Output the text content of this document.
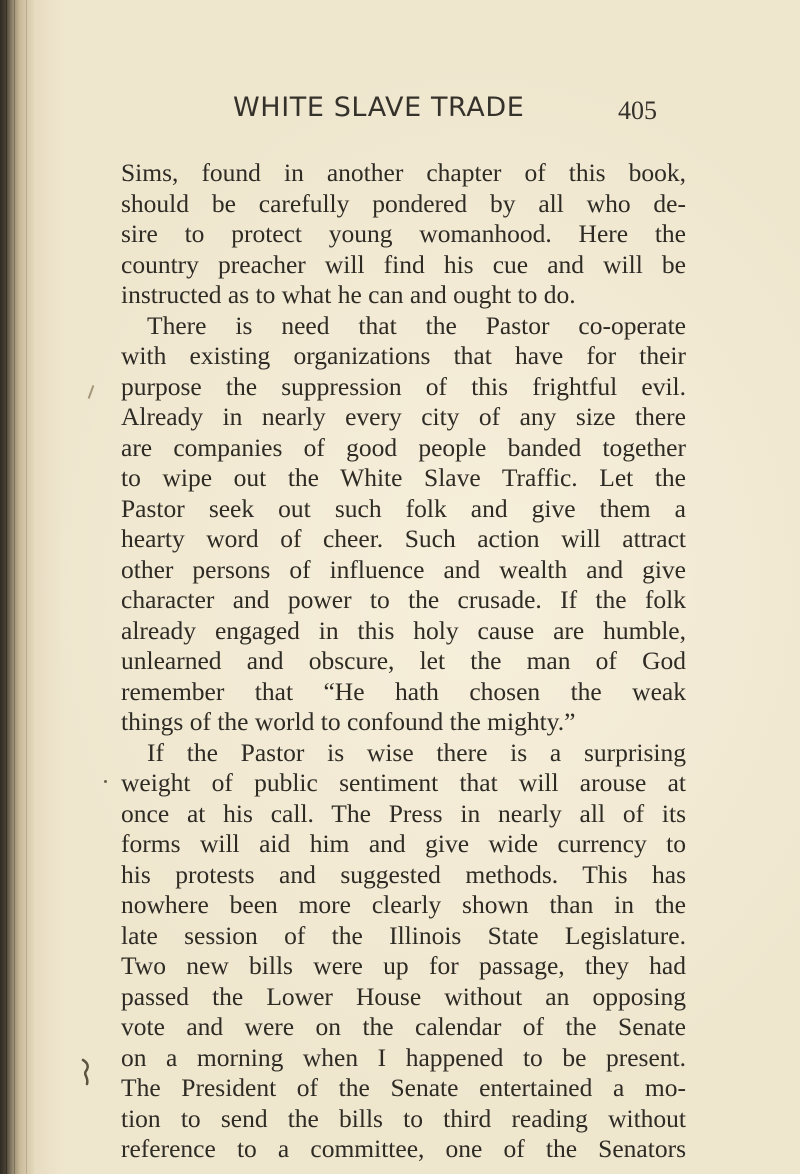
WHITE SLAVE TRADE	405
Sims, found in another chapter of this book,
should be carefully pondered by all who de-
sire to protect young womanhood. Here the
country preacher will find his cue and will be
instructed as to what he can and ought to do.
There is need that the Pastor co-operate
with existing organizations that have for their
purpose the suppression of this frightful evil.
Already in nearly every city of any size there
are companies of good people banded together
to wipe out the White Slave Traffic. Let the
Pastor seek out such folk and give them a
hearty word of cheer. Such action will attract
other persons of influence and wealth and give
character and power to the crusade. If the folk
already engaged in this holy cause are humble,
unlearned and obscure, let the man of God
remember that “He hath chosen the weak
things of the world to confound the mighty.”
If the Pastor is wise there is a surprising
weight of public sentiment that will arouse at
once at his call. The Press in nearly all of its
forms will aid him and give wide currency to
his protests and suggested methods. This has
nowhere been more clearly shown than in the
late session of the Illinois State Legislature.
Two new bills were up for passage, they had
passed the Lower House without an opposing
vote and were on the calendar of the Senate
on a morning when I happened to be present.
The President of the Senate entertained a mo-
tion to send the bills to third reading without
reference to a committee, one of the Senators
